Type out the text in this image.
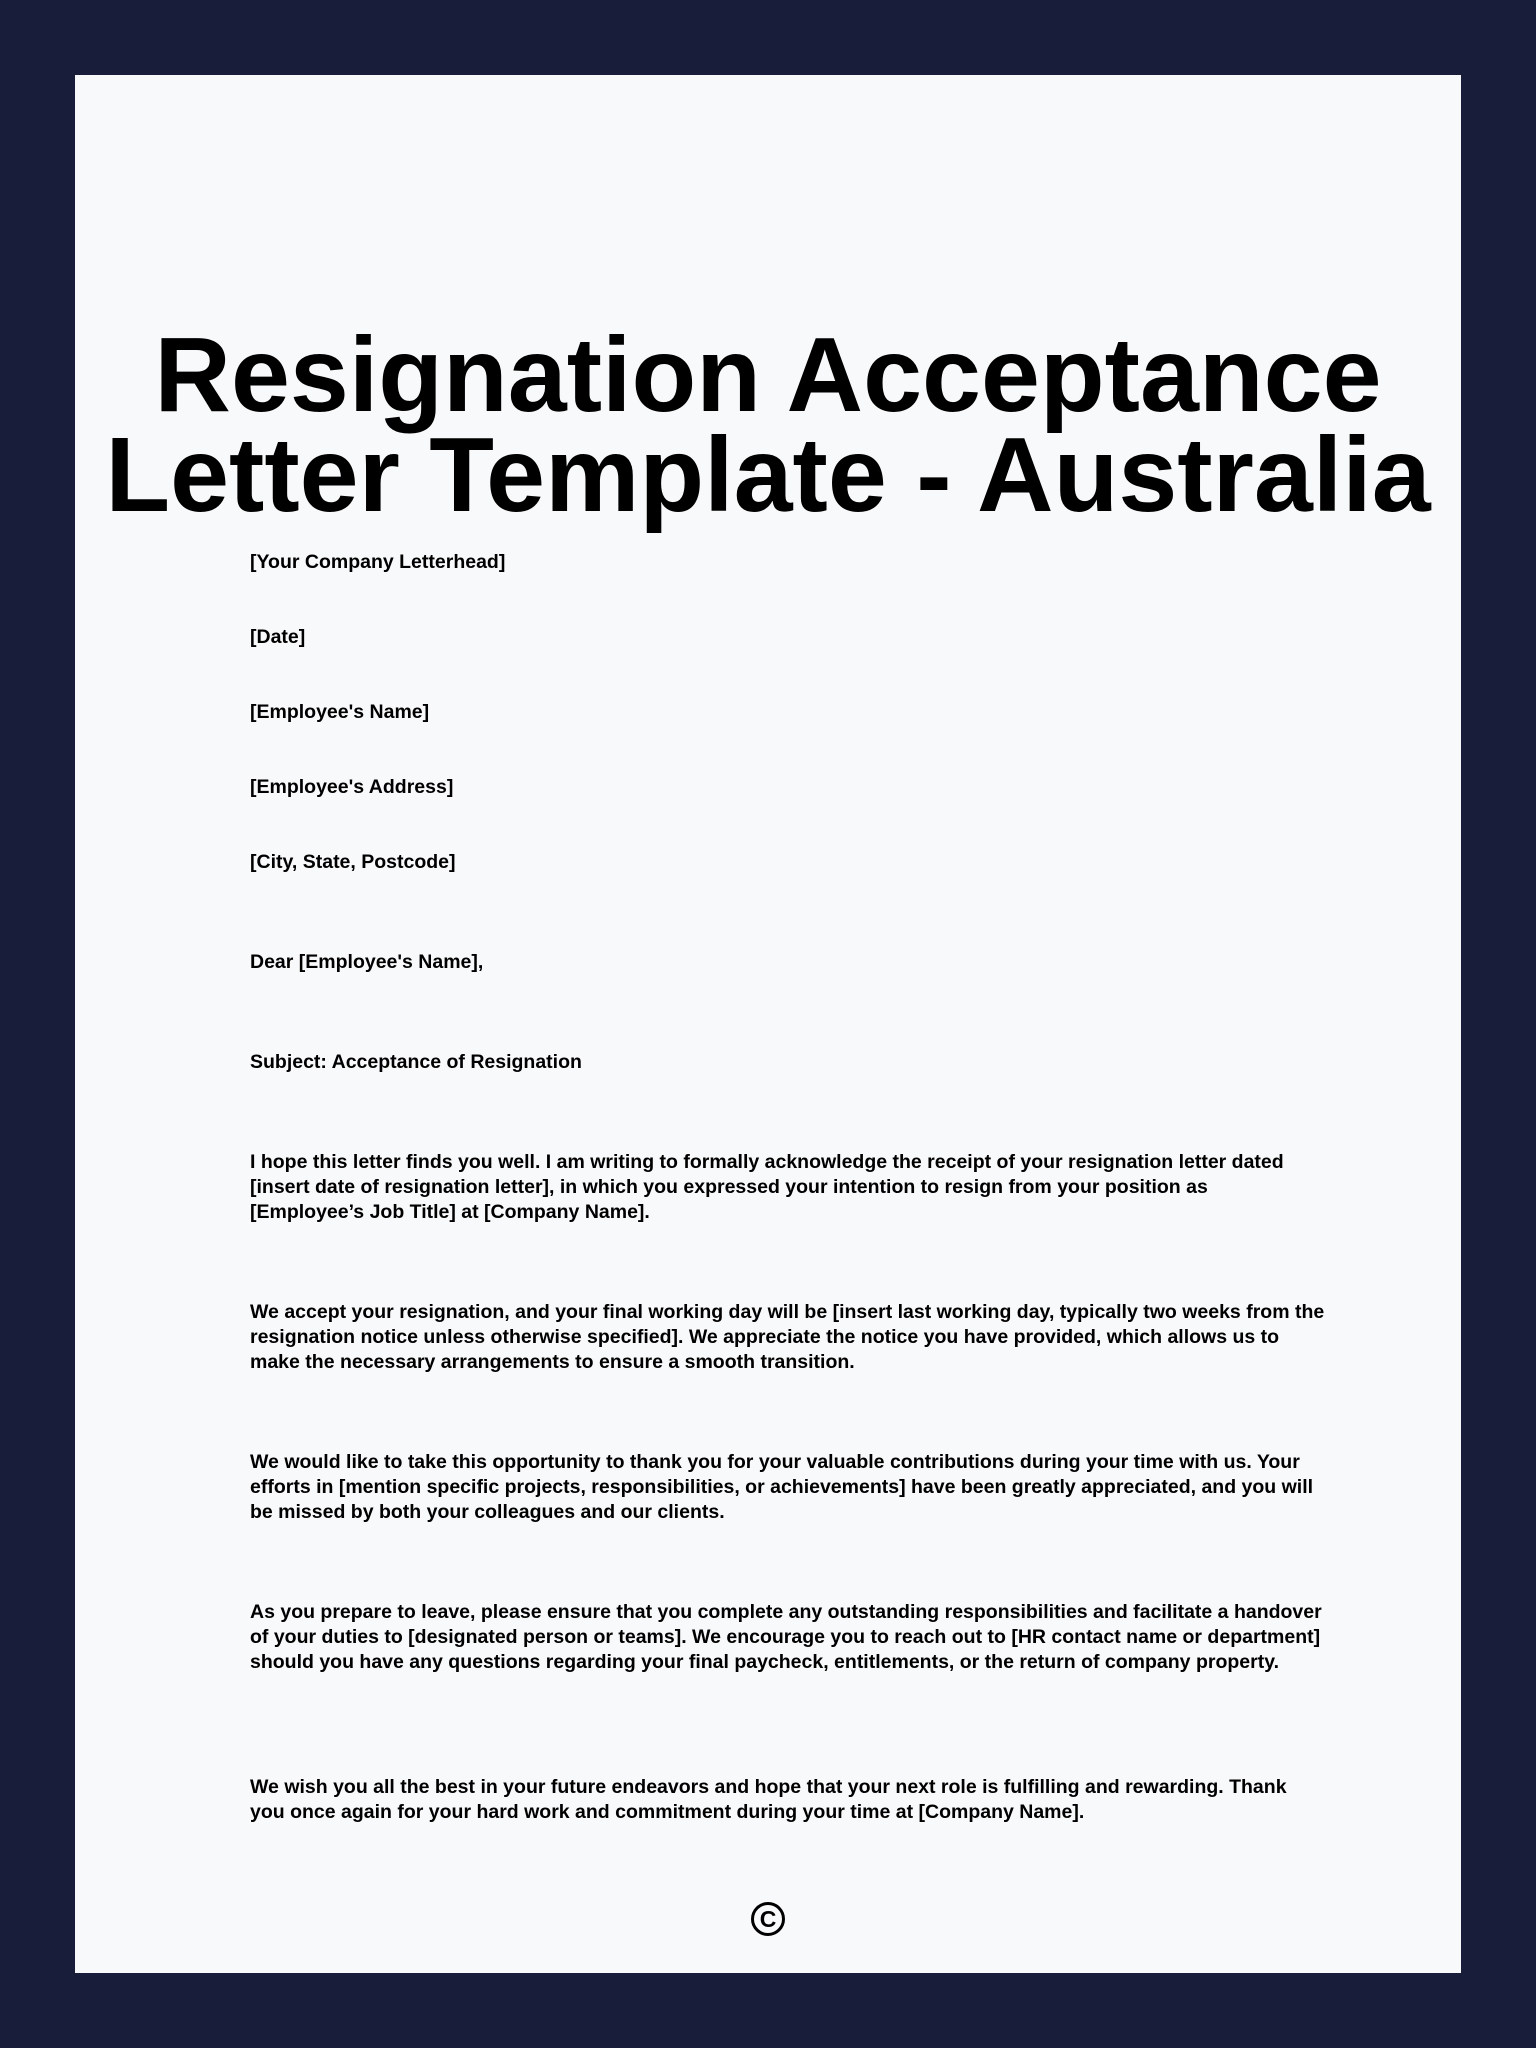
Resignation Acceptance
Letter Template - Australia

[Your Company Letterhead]

[Date]

[Employee's Name]

[Employee's Address]

[City, State, Postcode]

Dear [Employee's Name],

Subject: Acceptance of Resignation

I hope this letter finds you well. I am writing to formally acknowledge the receipt of your resignation letter dated [insert date of resignation letter], in which you expressed your intention to resign from your position as [Employee’s Job Title] at [Company Name].

We accept your resignation, and your final working day will be [insert last working day, typically two weeks from the resignation notice unless otherwise specified]. We appreciate the notice you have provided, which allows us to make the necessary arrangements to ensure a smooth transition.

We would like to take this opportunity to thank you for your valuable contributions during your time with us. Your efforts in [mention specific projects, responsibilities, or achievements] have been greatly appreciated, and you will be missed by both your colleagues and our clients.

As you prepare to leave, please ensure that you complete any outstanding responsibilities and facilitate a handover of your duties to [designated person or teams]. We encourage you to reach out to [HR contact name or department] should you have any questions regarding your final paycheck, entitlements, or the return of company property.

We wish you all the best in your future endeavors and hope that your next role is fulfilling and rewarding. Thank you once again for your hard work and commitment during your time at [Company Name].

C
